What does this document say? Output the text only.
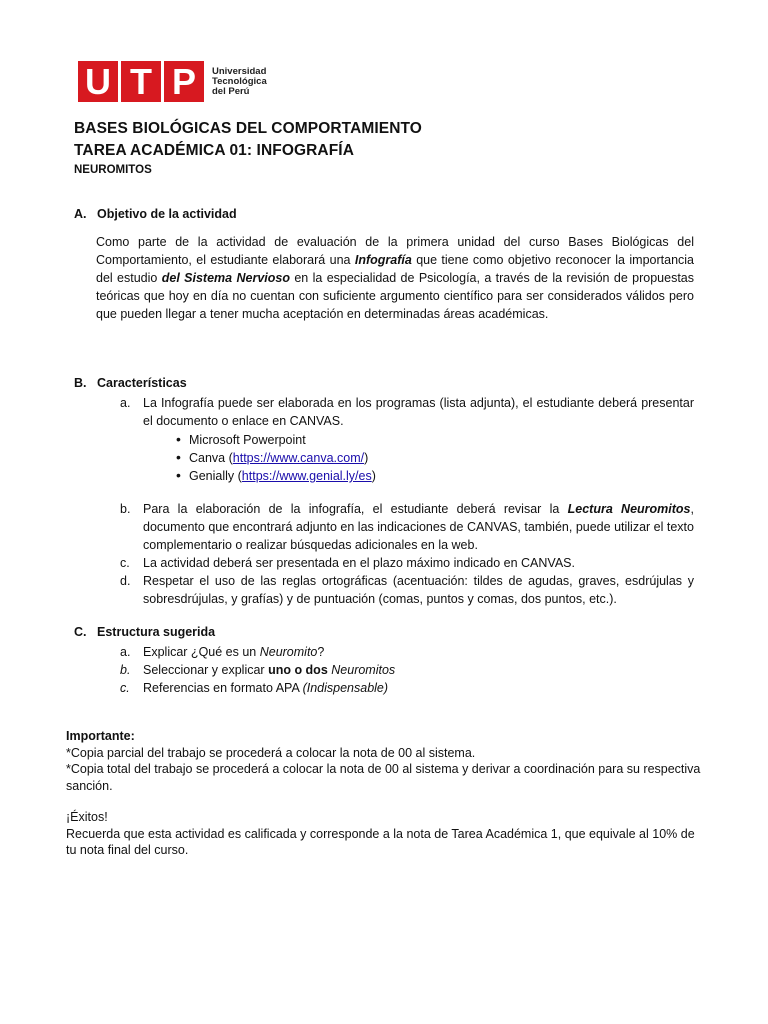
U T P	Universidad
Tecnológica
del Perú
BASES BIOLÓGICAS DEL COMPORTAMIENTO
TAREA ACADÉMICA 01: INFOGRAFÍA
NEUROMITOS
A. Objetivo de la actividad
Como parte de la actividad de evaluación de la primera unidad del curso Bases Biológicas del Comportamiento, el estudiante elaborará una Infografía que tiene como objetivo reconocer la importancia del estudio del Sistema Nervioso en la especialidad de Psicología, a través de la revisión de propuestas teóricas que hoy en día no cuentan con suficiente argumento científico para ser considerados válidos pero que pueden llegar a tener mucha aceptación en determinadas áreas académicas.
B. Características
a.	La Infografía puede ser elaborada en los programas (lista adjunta), el estudiante deberá presentar el documento o enlace en CANVAS.
• Microsoft Powerpoint
• Canva (https://www.canva.com/)
• Genially (https://www.genial.ly/es)
b.	Para la elaboración de la infografía, el estudiante deberá revisar la Lectura Neuromitos, documento que encontrará adjunto en las indicaciones de CANVAS, también, puede utilizar el texto complementario o realizar búsquedas adicionales en la web.
c.	La actividad deberá ser presentada en el plazo máximo indicado en CANVAS.
d.	Respetar el uso de las reglas ortográficas (acentuación: tildes de agudas, graves, esdrújulas y sobresdrújulas, y grafías) y de puntuación (comas, puntos y comas, dos puntos, etc.).
C. Estructura sugerida
a.	Explicar ¿Qué es un Neuromito?
b.	Seleccionar y explicar uno o dos Neuromitos
c.	Referencias en formato APA (Indispensable)
Importante:
*Copia parcial del trabajo se procederá a colocar la nota de 00 al sistema.
*Copia total del trabajo se procederá a colocar la nota de 00 al sistema y derivar a coordinación para su respectiva sanción.
¡Éxitos!
Recuerda que esta actividad es calificada y corresponde a la nota de Tarea Académica 1, que equivale al 10% de tu nota final del curso.
